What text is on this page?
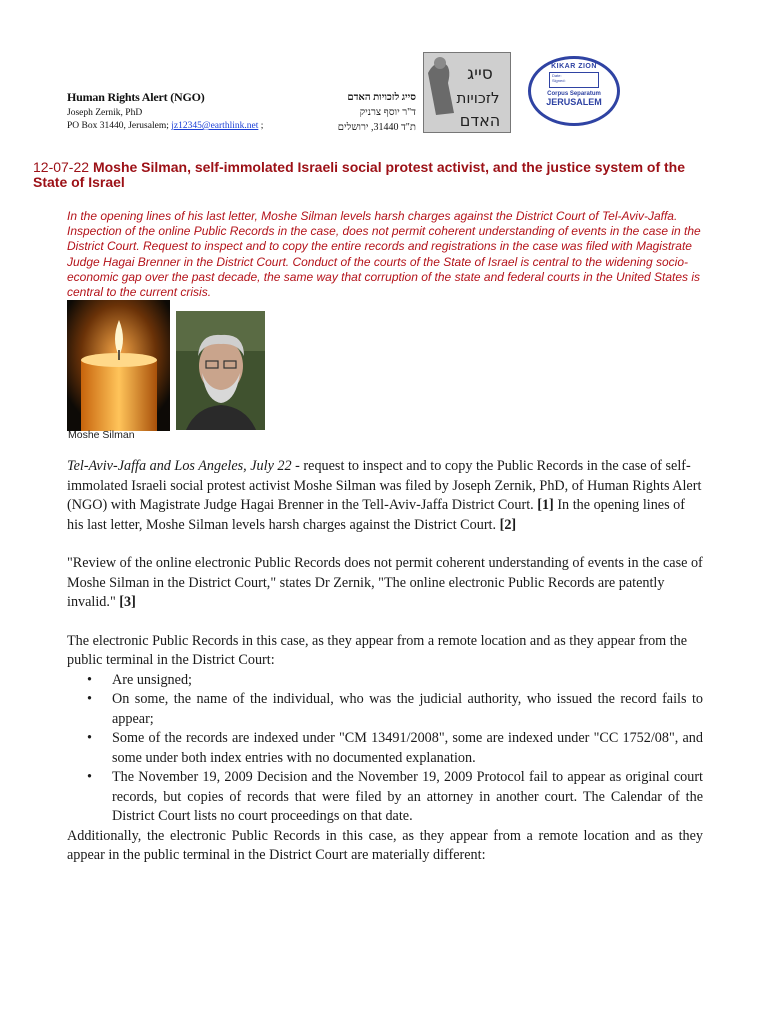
Human Rights Alert (NGO)
Joseph Zernik, PhD
PO Box 31440, Jerusalem; jz12345@earthlink.net ;
סייג לזכויות האדם
ד"ר יוסף צרניק
ת"ד 31440, ירושלים
סייג
לזכויות
האדם
KIKAR ZION
Date:
Signed:
Corpus Separatum
JERUSALEM
12-07-22 Moshe Silman, self-immolated Israeli social protest activist, and the justice system of the State of Israel
In the opening lines of his last letter, Moshe Silman levels harsh charges against the District Court of Tel-Aviv-Jaffa. Inspection of the online Public Records in the case, does not permit coherent understanding of events in the case in the District Court. Request to inspect and to copy the entire records and registrations in the case was filed with Magistrate Judge Hagai Brenner in the District Court. Conduct of the courts of the State of Israel is central to the widening socio-economic gap over the past decade, the same way that corruption of the state and federal courts in the United States is central to the current crisis.
Moshe Silman

Tel-Aviv-Jaffa and Los Angeles, July 22 - request to inspect and to copy the Public Records in the case of self-immolated Israeli social protest activist Moshe Silman was filed by Joseph Zernik, PhD, of Human Rights Alert (NGO) with Magistrate Judge Hagai Brenner in the Tell-Aviv-Jaffa District Court. [1] In the opening lines of his last letter, Moshe Silman levels harsh charges against the District Court. [2]

"Review of the online electronic Public Records does not permit coherent understanding of events in the case of Moshe Silman in the District Court," states Dr Zernik, "The online electronic Public Records are patently invalid." [3]

The electronic Public Records in this case, as they appear from a remote location and as they appear from the public terminal in the District Court:

• Are unsigned;
• On some, the name of the individual, who was the judicial authority, who issued the record fails to appear;
• Some of the records are indexed under "CM 13491/2008", some are indexed under "CC 1752/08", and some under both index entries with no documented explanation.
• The November 19, 2009 Decision and the November 19, 2009 Protocol fail to appear as original court records, but copies of records that were filed by an attorney in another court. The Calendar of the District Court lists no court proceedings on that date.

Additionally, the electronic Public Records in this case, as they appear from a remote location and as they appear in the public terminal in the District Court are materially different:
